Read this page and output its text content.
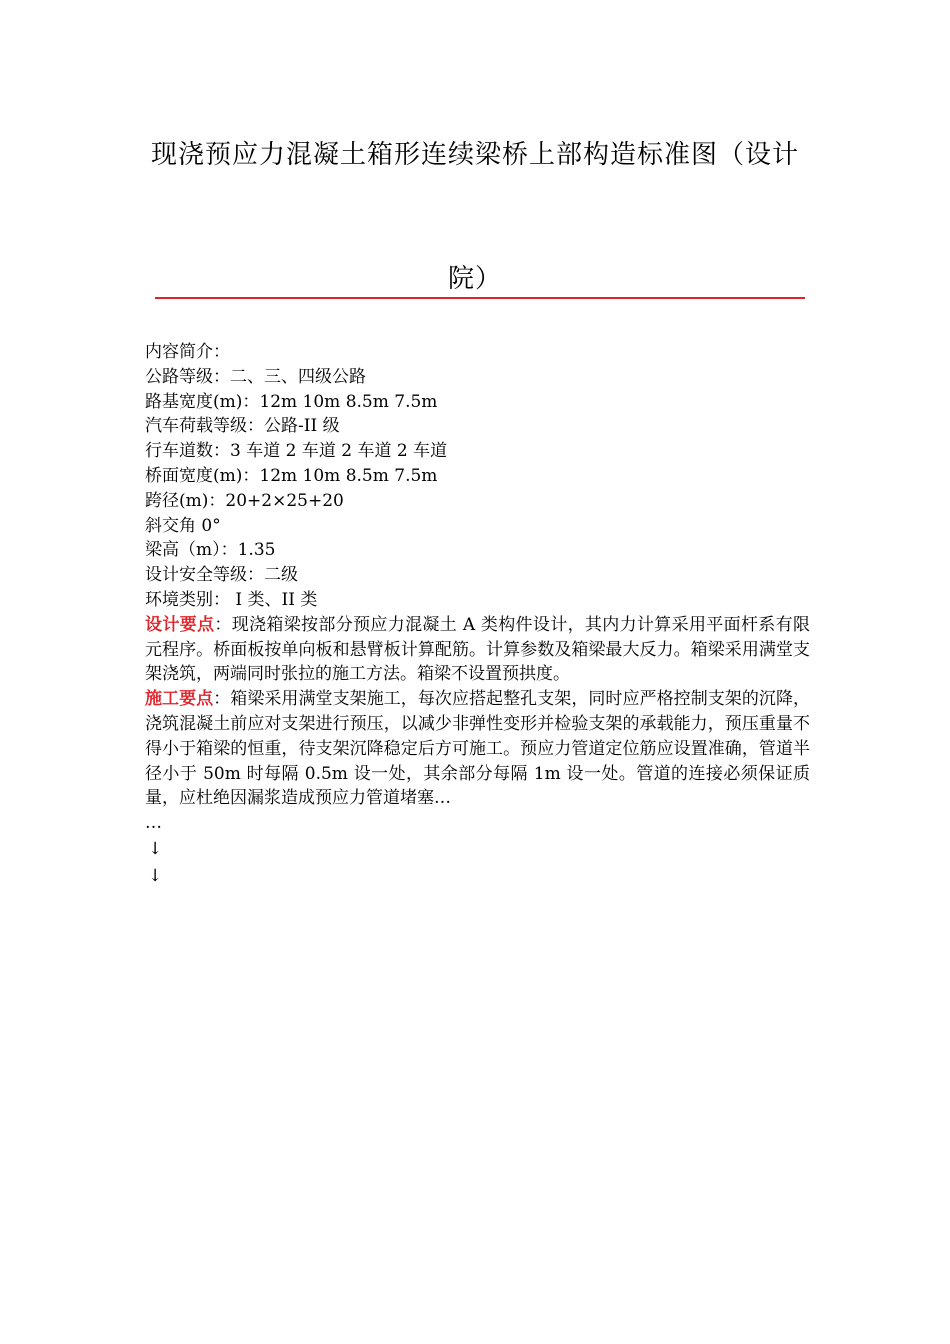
现浇预应力混凝土箱形连续梁桥上部构造标准图（设计
院）
内容简介：
公路等级：二、三、四级公路
路基宽度(m)：12m 10m 8.5m 7.5m
汽车荷载等级：公路-II 级
行车道数：3 车道 2 车道 2 车道 2 车道
桥面宽度(m)：12m 10m 8.5m 7.5m
跨径(m)：20+2×25+20
斜交角 0°
梁高（m）：1.35
设计安全等级：二级
环境类别： I 类、II 类
设计要点：现浇箱梁按部分预应力混凝土 A 类构件设计，其内力计算采用平面杆系有限元程序。桥面板按单向板和悬臂板计算配筋。计算参数及箱梁最大反力。箱梁采用满堂支架浇筑，两端同时张拉的施工方法。箱梁不设置预拱度。
施工要点：箱梁采用满堂支架施工，每次应搭起整孔支架，同时应严格控制支架的沉降，浇筑混凝土前应对支架进行预压，以减少非弹性变形并检验支架的承载能力，预压重量不得小于箱梁的恒重，待支架沉降稳定后方可施工。预应力管道定位筋应设置准确，管道半径小于 50m 时每隔 0.5m 设一处，其余部分每隔 1m 设一处。管道的连接必须保证质量，应杜绝因漏浆造成预应力管道堵塞…
…
↓
↓
